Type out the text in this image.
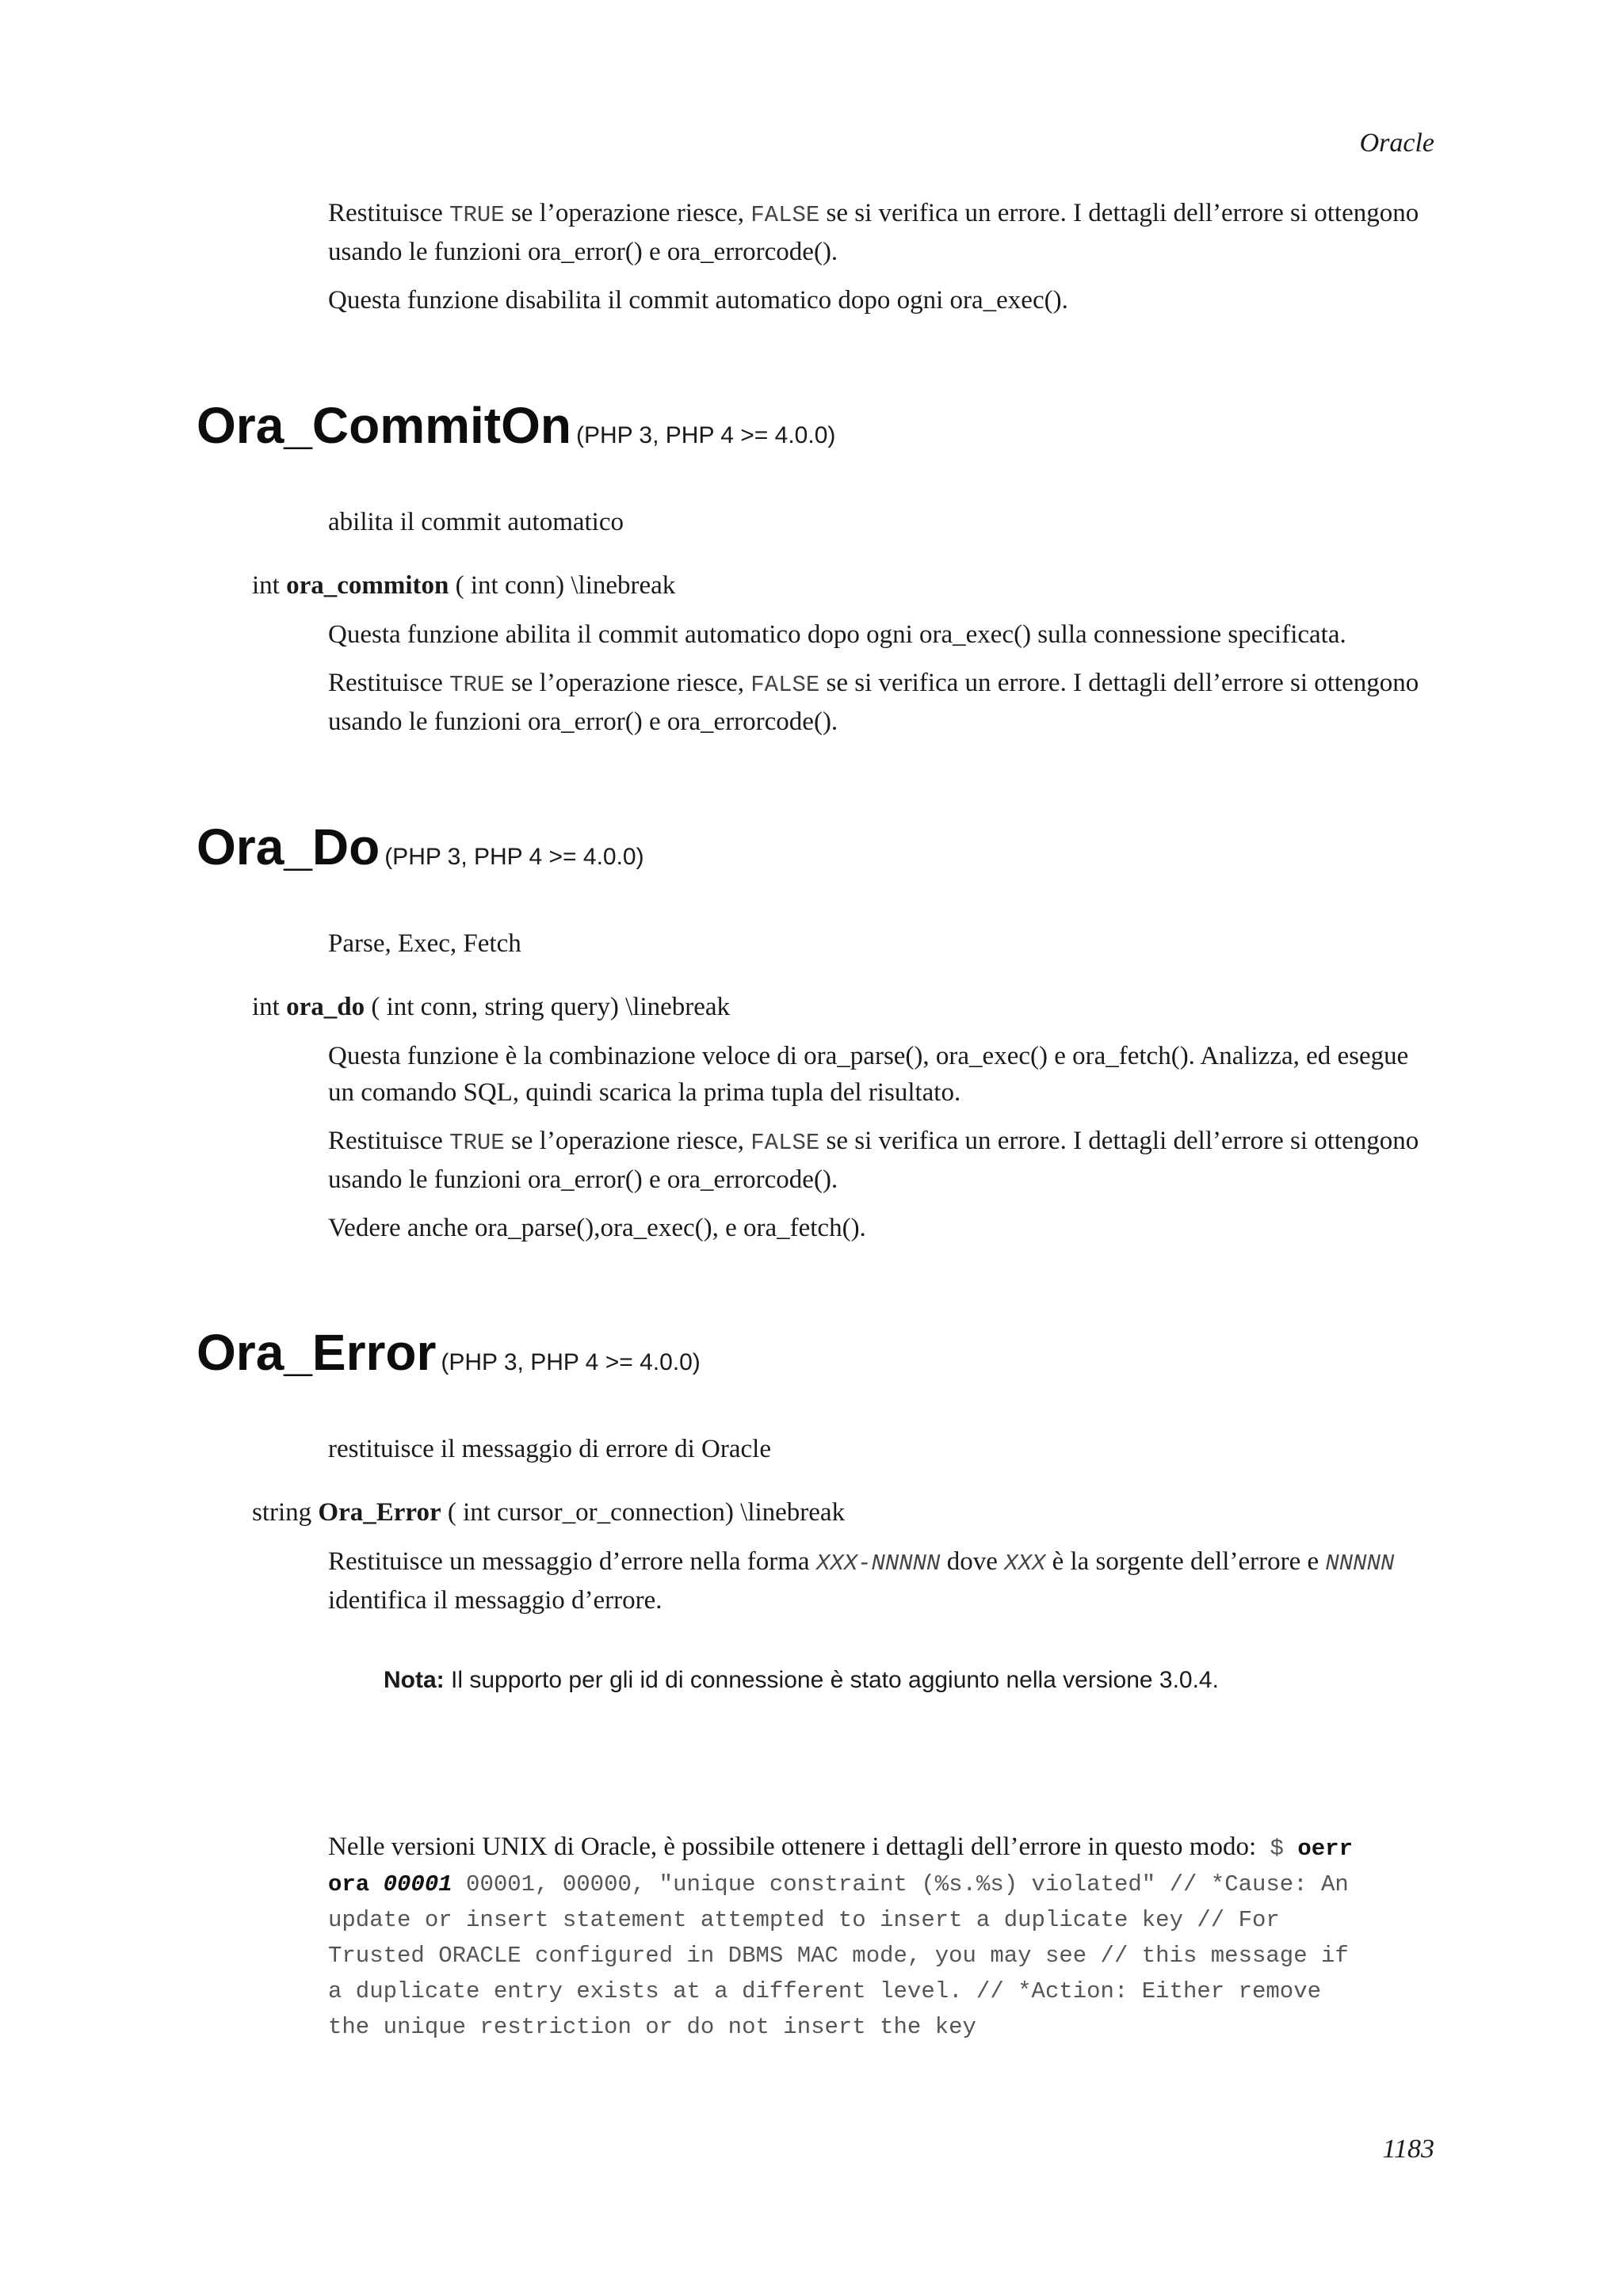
Oracle

Restituisce TRUE se l’operazione riesce, FALSE se si verifica un errore. I dettagli dell’errore si ottengono usando le funzioni ora_error() e ora_errorcode().

Questa funzione disabilita il commit automatico dopo ogni ora_exec().

Ora_CommitOn (PHP 3, PHP 4 >= 4.0.0)
abilita il commit automatico
int ora_commiton ( int conn) \linebreak

Questa funzione abilita il commit automatico dopo ogni ora_exec() sulla connessione specificata.

Restituisce TRUE se l’operazione riesce, FALSE se si verifica un errore. I dettagli dell’errore si ottengono usando le funzioni ora_error() e ora_errorcode().

Ora_Do (PHP 3, PHP 4 >= 4.0.0)
Parse, Exec, Fetch
int ora_do ( int conn, string query) \linebreak

Questa funzione è la combinazione veloce di ora_parse(), ora_exec() e ora_fetch(). Analizza, ed esegue un comando SQL, quindi scarica la prima tupla del risultato.

Restituisce TRUE se l’operazione riesce, FALSE se si verifica un errore. I dettagli dell’errore si ottengono usando le funzioni ora_error() e ora_errorcode().

Vedere anche ora_parse(),ora_exec(), e ora_fetch().

Ora_Error (PHP 3, PHP 4 >= 4.0.0)
restituisce il messaggio di errore di Oracle
string Ora_Error ( int cursor_or_connection) \linebreak

Restituisce un messaggio d’errore nella forma XXX-NNNNN dove XXX è la sorgente dell’errore e NNNNN identifica il messaggio d’errore.

Nota: Il supporto per gli id di connessione è stato aggiunto nella versione 3.0.4.

Nelle versioni UNIX di Oracle, è possibile ottenere i dettagli dell’errore in questo modo: $ oerr

ora 00001 00001, 00000, "unique constraint (%s.%s) violated" // *Cause: An
update or insert statement attempted to insert a duplicate key // For
Trusted ORACLE configured in DBMS MAC mode, you may see // this message if
a duplicate entry exists at a different level. // *Action: Either remove
the unique restriction or do not insert the key
1183
